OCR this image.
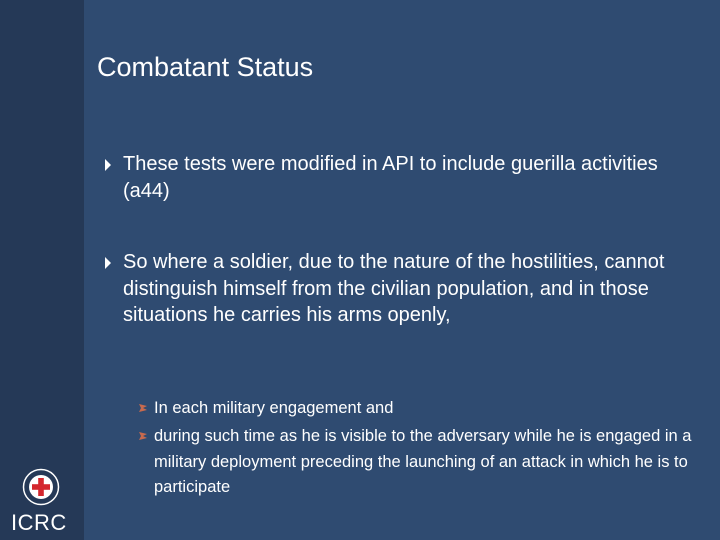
ICRC
Combatant Status
These tests were modified in API to include guerilla activities (a44)
So where a soldier, due to the nature of the hostilities, cannot distinguish himself from the civilian population, and in those situations he carries his arms openly,
In each military engagement and
during such time as he is visible to the adversary while he is engaged in a military deployment preceding the launching of an attack in which he is to participate
